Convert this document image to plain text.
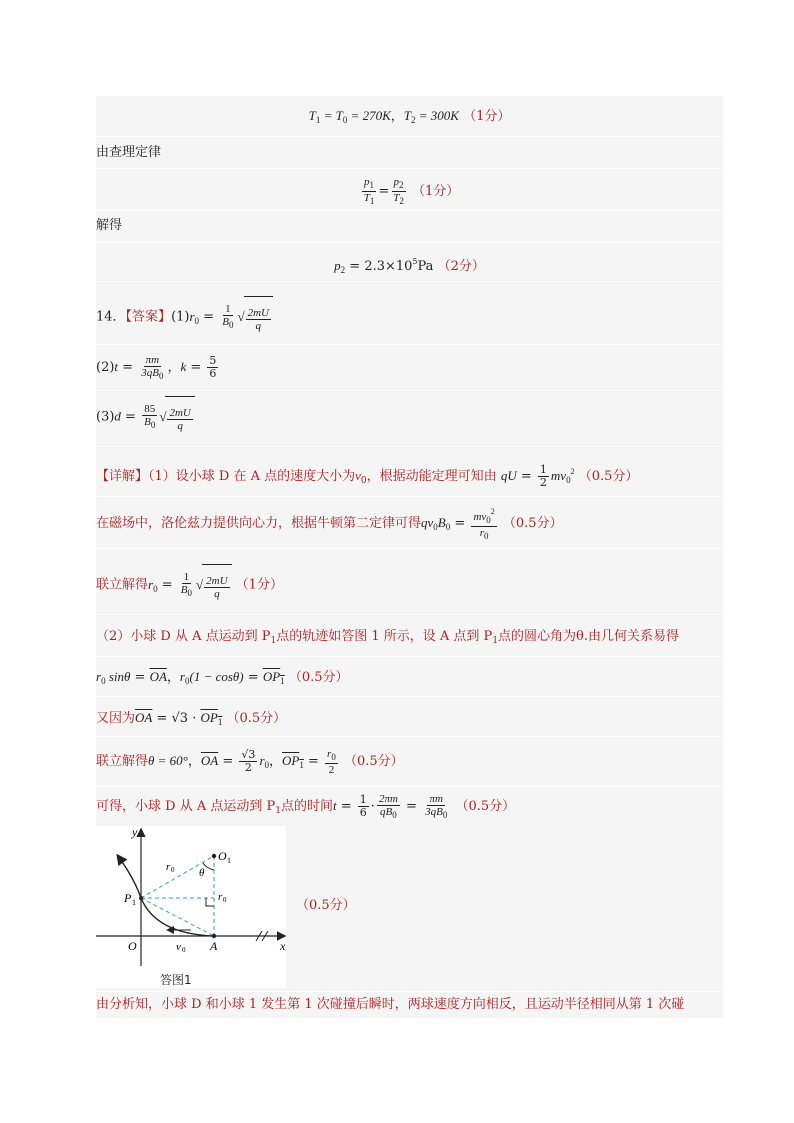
$T_1 = T_0 = 270K$，$T_2 = 300K$ （1分）
由查理定律
$\frac{p_1}{T_1} = \frac{p_2}{T_2} (1$分）
解得
$p_2 = 2.3\times 10^5Pa$ （2分）
14．【答案】$(1)r_0 = \frac{1}{B_0}$ √ $\frac{2mU}{q}$
$(2)t = \frac{\pi m}{3qB_0}$ ，$k = \frac{5}{6}$
$(3)d = \frac{85}{B_0}$ √ $\frac{2mU}{q}$
【详解】（1）设小球 D 在 A 点的速度大小为$v_0$，根据动能定理可知由 qU = $\frac{1}{2} mv_0^2$ （0.5分）
在磁场中，洛伦兹力提供向心力，根据牛顿第二定律可得$qv_0B_0 = \frac{mv_0^2}{r_0} (0.5$分）
联立解得$r_0 = \frac{1}{B_0}$ √ $\frac{2mU}{q} (1$分）
（2）小球 D 从 A 点运动到 $P_1$点的轨迹如答图 1 所示，设 A 点到 $P_1$点的圆心角为θ.由几何关系易得
$r_0$ $\sin\theta = \overline{OA}$，$r_0(1 - \cos\theta) = OP_1$ （0.5分）
又因为$\overline{OA} = √3 \cdot OP_1$ （0.5分）
联立解得θ = 60°，$\overline{OA} = \frac{√3}{2} r_0$，$OP_1 = \frac{r_0}{2} (0.5$分）
可得，小球 D 从 A 点运动到 $P_1$点的时间$t = \frac{1}{6} \cdot \frac{2\pi m}{qB_0} = \frac{\pi m}{3qB_0} (0.5$分）
y
x
O
O 1
P 1
A
r 0
r 0
θ
v 0
答图1
（0.5分）
由分析知，小球 D 和小球 1 发生第 1 次碰撞后瞬时，两球速度方向相反，且运动半径相同从第 1 次碰
